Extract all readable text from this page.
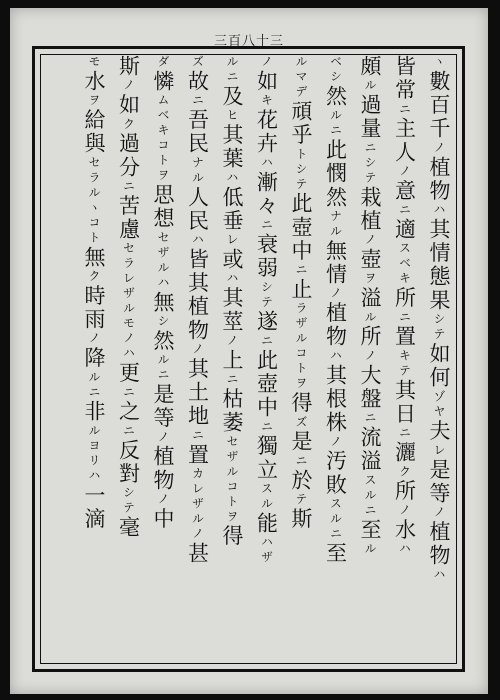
三百八十三
ヽ數百千ノ植物ハ其情態果シテ如何ゾヤ夫レ是等ノ植物ハ
皆常ニ主人ノ意ニ適スベキ所ニ置キテ其日ニ灑ク所ノ水ハ
頗ル過量ニシテ栽植ノ壺ヲ溢ル所ノ大盤ニ流溢スルニ至ル
ベシ然ルニ此憫然ナル無情ノ植物ハ其根株ノ汚敗スルニ至
ルマデ頑乎トシテ此壺中ニ止ラザルコトヲ得ズ是ニ於テ斯
ノ如キ花卉ハ漸々ニ衰弱シテ遂ニ此壺中ニ獨立スル能ハザ
ルニ及ヒ其葉ハ低垂レ或ハ其莖ノ上ニ枯萎セザルコトヲ得
ズ故ニ吾民ナル人民ハ皆其植物ノ其土地ニ置カレザルノ甚
ダ憐ムベキコトヲ思想セザルハ無シ然ルニ是等ノ植物ノ中
斯ノ如ク過分ニ苦慮セラレザルモノハ更ニ之ニ反對シテ毫
モ水ヲ給與セラルヽコト無ク時雨ノ降ルニ非ルヨリハ一滴
